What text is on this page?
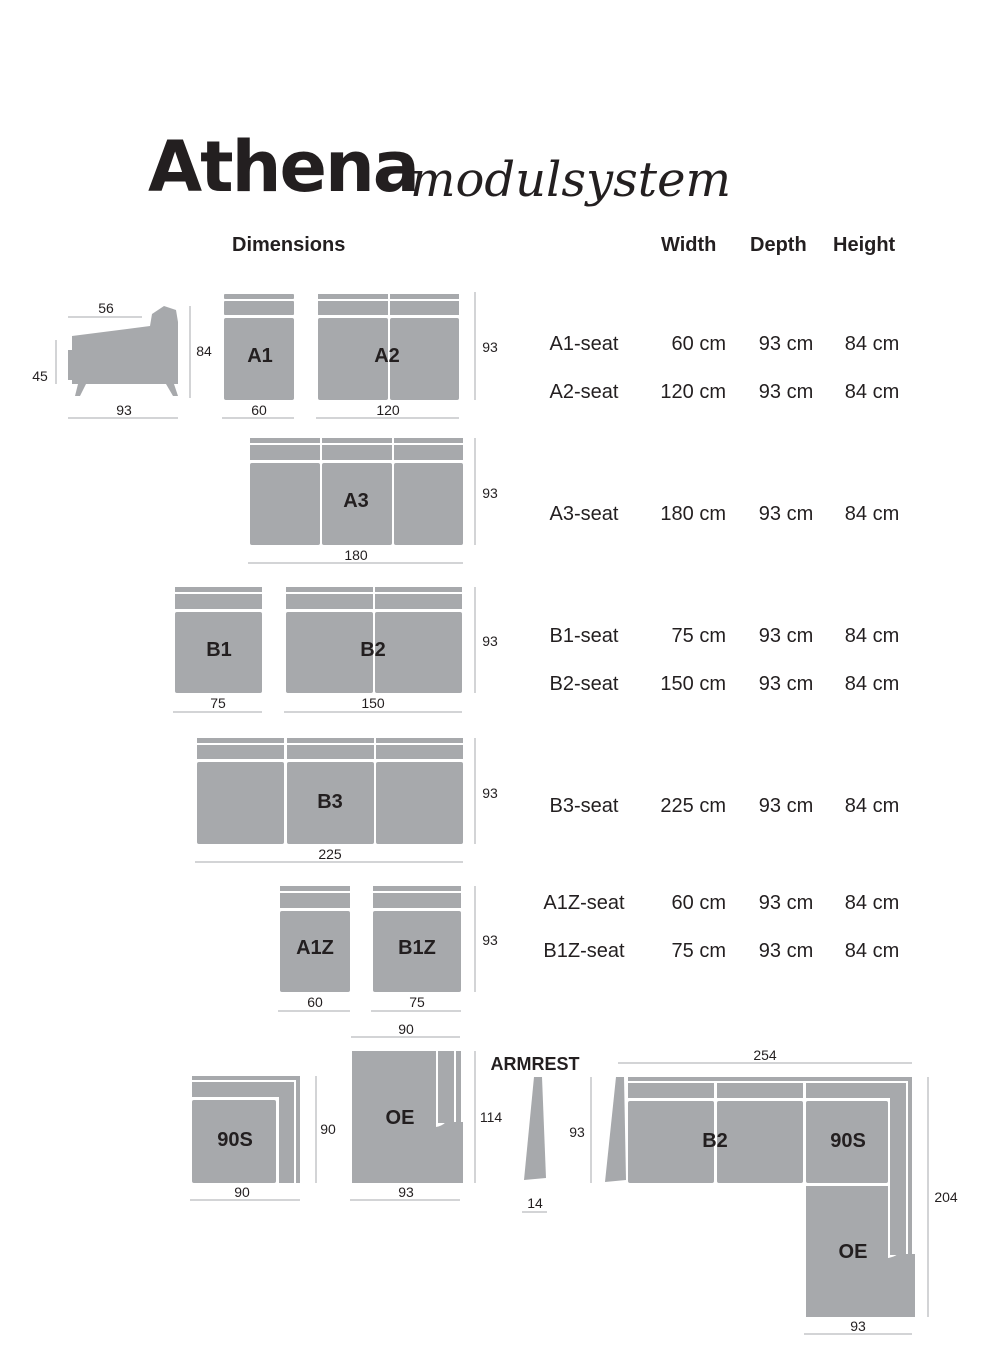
Athena
modulsystem
Dimensions	Width Depth Height
56
84
45
93
A1
60
A2
120
93
A3
180
93
B1
75
B2
150
93
B3
225
93
A1Z
60
B1Z
75
93
90S
90
90
90
OE
93
114
ARMREST
14
254
93
204
B2	90S
OE
93
A1-seat	60 cm	93 cm	84 cm
A2-seat	120 cm	93 cm	84 cm
A3-seat	180 cm	93 cm	84 cm
B1-seat	75 cm	93 cm	84 cm
B2-seat	150 cm	93 cm	84 cm
B3-seat	225 cm	93 cm	84 cm
A1Z-seat	60 cm	93 cm	84 cm
B1Z-seat	75 cm	93 cm	84 cm
